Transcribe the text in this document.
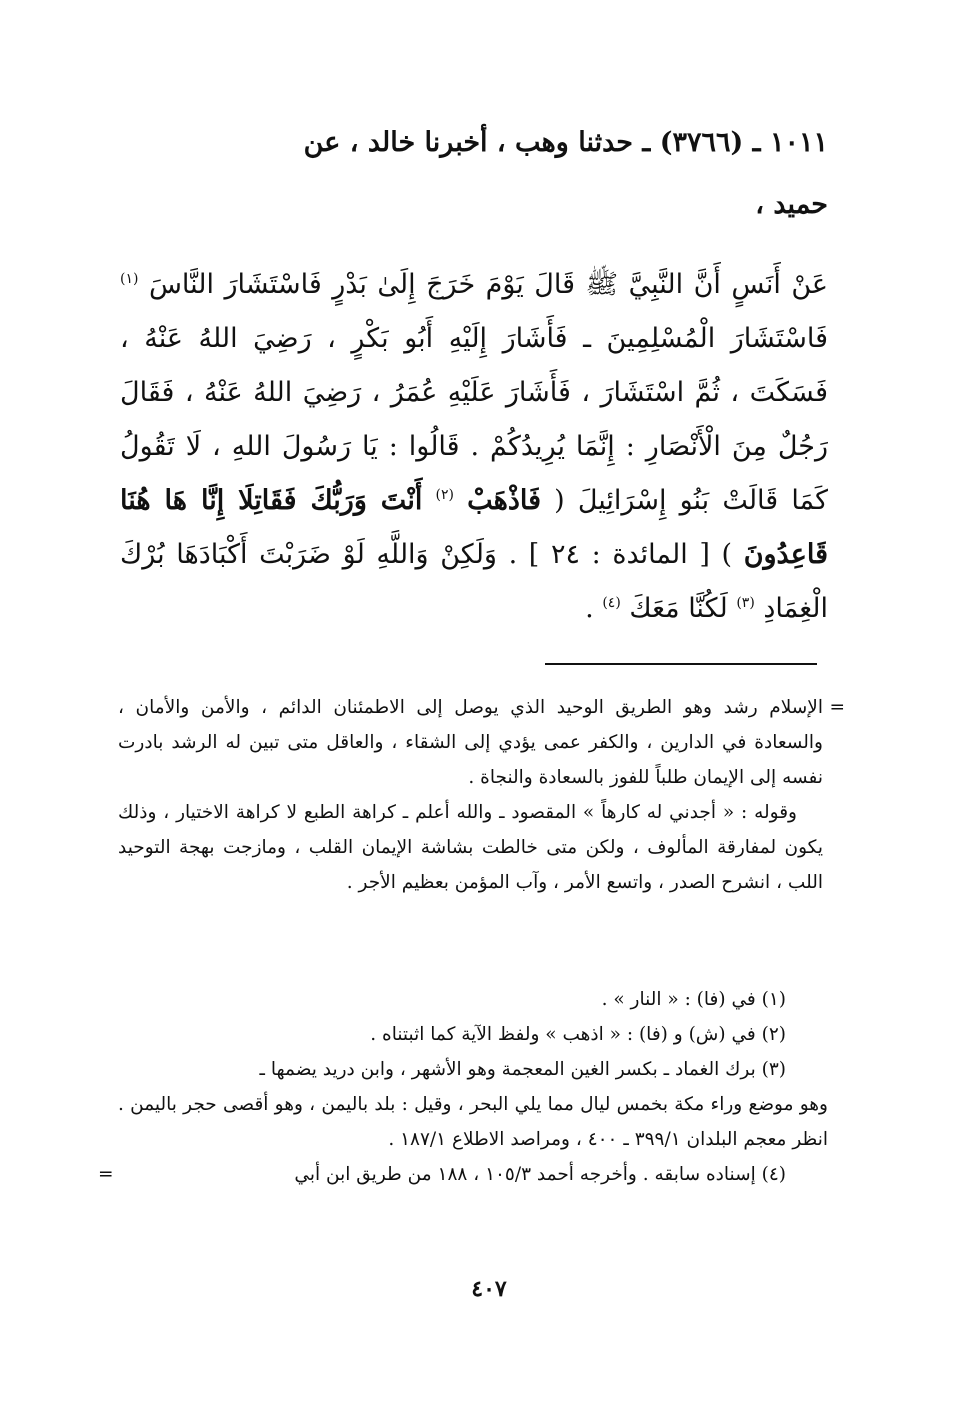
١٠١١ ـ (٣٧٦٦) ـ حدثنا وهب ، أخبرنا خالد ، عن
حميد ،
عَنْ أَنَسٍ أَنَّ النَّبِيَّ ﷺ قَالَ يَوْمَ خَرَجَ إِلَىٰ بَدْرٍ فَاسْتَشَارَ النَّاسَ $^{(١)}$ فَاسْتَشَارَ الْمُسْلِمِينَ ـ فَأَشَارَ إِلَيْهِ أَبُو بَكْرٍ ، رَضِيَ اللهُ عَنْهُ ، فَسَكَتَ ، ثُمَّ اسْتَشَارَ ، فَأَشَارَ عَلَيْهِ عُمَرُ ، رَضِيَ اللهُ عَنْهُ ، فَقَالَ رَجُلٌ مِنَ الْأَنْصَارِ : إِنَّمَا يُرِيدُكُمْ . قَالُوا : يَا رَسُولَ اللهِ ، لَا تَقُولُ كَمَا قَالَتْ بَنُو إِسْرَائِيلَ ( فَاذْهَبْ $^{(٢)}$ أَنْتَ وَرَبُّكَ فَقَاتِلَا إِنَّا هَا هُنَا قَاعِدُونَ ) [ المائدة : ٢٤ ] . وَلَكِنْ وَاللَّهِ لَوْ ضَرَبْتَ أَكْبَادَهَا بُرْكَ الْغِمَادِ $^{(٣)}$ لَكُنَّا مَعَكَ $^{(٤)}$ .

=
الإسلام رشد وهو الطريق الوحيد الذي يوصل إلى الاطمئنان الدائم ، والأمن والأمان ، والسعادة في الدارين ، والكفر عمى يؤدي إلى الشقاء ، والعاقل متى تبين له الرشد بادرت نفسه إلى الإيمان طلباً للفوز بالسعادة والنجاة .

وقوله : « أجدني له كارهاً » المقصود ـ والله أعلم ـ كراهة الطبع لا كراهة الاختيار ، وذلك يكون لمفارقة المألوف ، ولكن متى خالطت بشاشة الإيمان القلب ، ومازجت بهجة التوحيد اللب ، انشرح الصدر ، واتسع الأمر ، وآب المؤمن بعظيم الأجر .

(١) في (فا) : « النار » .

(٢) في (ش) و (فا) : « اذهب » ولفظ الآية كما اثبتناه .

(٣) برك الغماد ـ بكسر الغين المعجمة وهو الأشهر ، وابن دريد يضمها ـ

وهو موضع وراء مكة بخمس ليال مما يلي البحر ، وقيل : بلد باليمن ، وهو أقصى حجر باليمن . انظر معجم البلدان ٣٩٩/١ ـ ٤٠٠ ، ومراصد الاطلاع ١٨٧/١ .

(٤) إسناده سابقه . وأخرجه أحمد ١٠٥/٣ ، ١٨٨ من طريق ابن أبي
=

٤٠٧
